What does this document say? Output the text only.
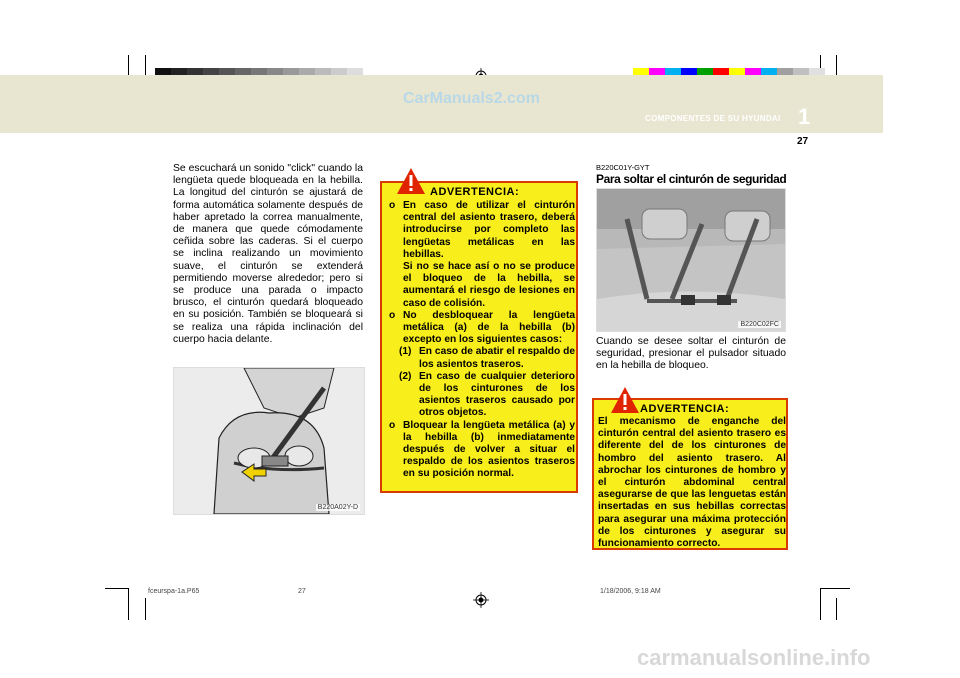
CarManuals2.com
1
COMPONENTES DE SU HYUNDAI
27
Se escuchará un sonido "click" cuando la lengüeta quede bloqueada en la hebilla. La longitud del cinturón se ajustará de forma automática solamente después de haber apretado la correa manualmente, de manera que quede cómodamente ceñida sobre las caderas. Si el cuerpo se inclina realizando un movimiento suave, el cinturón se extenderá permitiendo moverse alrededor; pero si se produce una parada o impacto brusco, el cinturón quedará bloqueado en su posición. También se bloqueará si se realiza una rápida inclinación del cuerpo hacia delante.
B220A02Y-D
ADVERTENCIA:
o En caso de utilizar el cinturón central del asiento trasero, deberá introducirse por completo las lengüetas metálicas en las hebillas.
Si no se hace así o no se produce el bloqueo de la hebilla, se aumentará el riesgo de lesiones en caso de colisión.
o No desbloquear la lengüeta metálica (a) de la hebilla (b) excepto en los siguientes casos:
(1) En caso de abatir el respaldo de los asientos traseros.
(2) En caso de cualquier deterioro de los cinturones de los asientos traseros causado por otros objetos.
o Bloquear la lengüeta metálica (a) y la hebilla (b) inmediatamente después de volver a situar el respaldo de los asientos traseros en su posición normal.
B220C01Y-GYT
Para soltar el cinturón de seguridad
B220C02FC
Cuando se desee soltar el cinturón de seguridad, presionar el pulsador situado en la hebilla de bloqueo.
ADVERTENCIA:
El mecanismo de enganche del cinturón central del asiento trasero es diferente del de los cinturones de hombro del asiento trasero. Al abrochar los cinturones de hombro y el cinturón abdominal central asegurarse de que las lenguetas están insertadas en sus hebillas correctas para asegurar una máxima protección de los cinturones y asegurar su funcionamiento correcto.
fceurspa-1a.P65	27	1/18/2006, 9:18 AM
carmanualsonline.info
